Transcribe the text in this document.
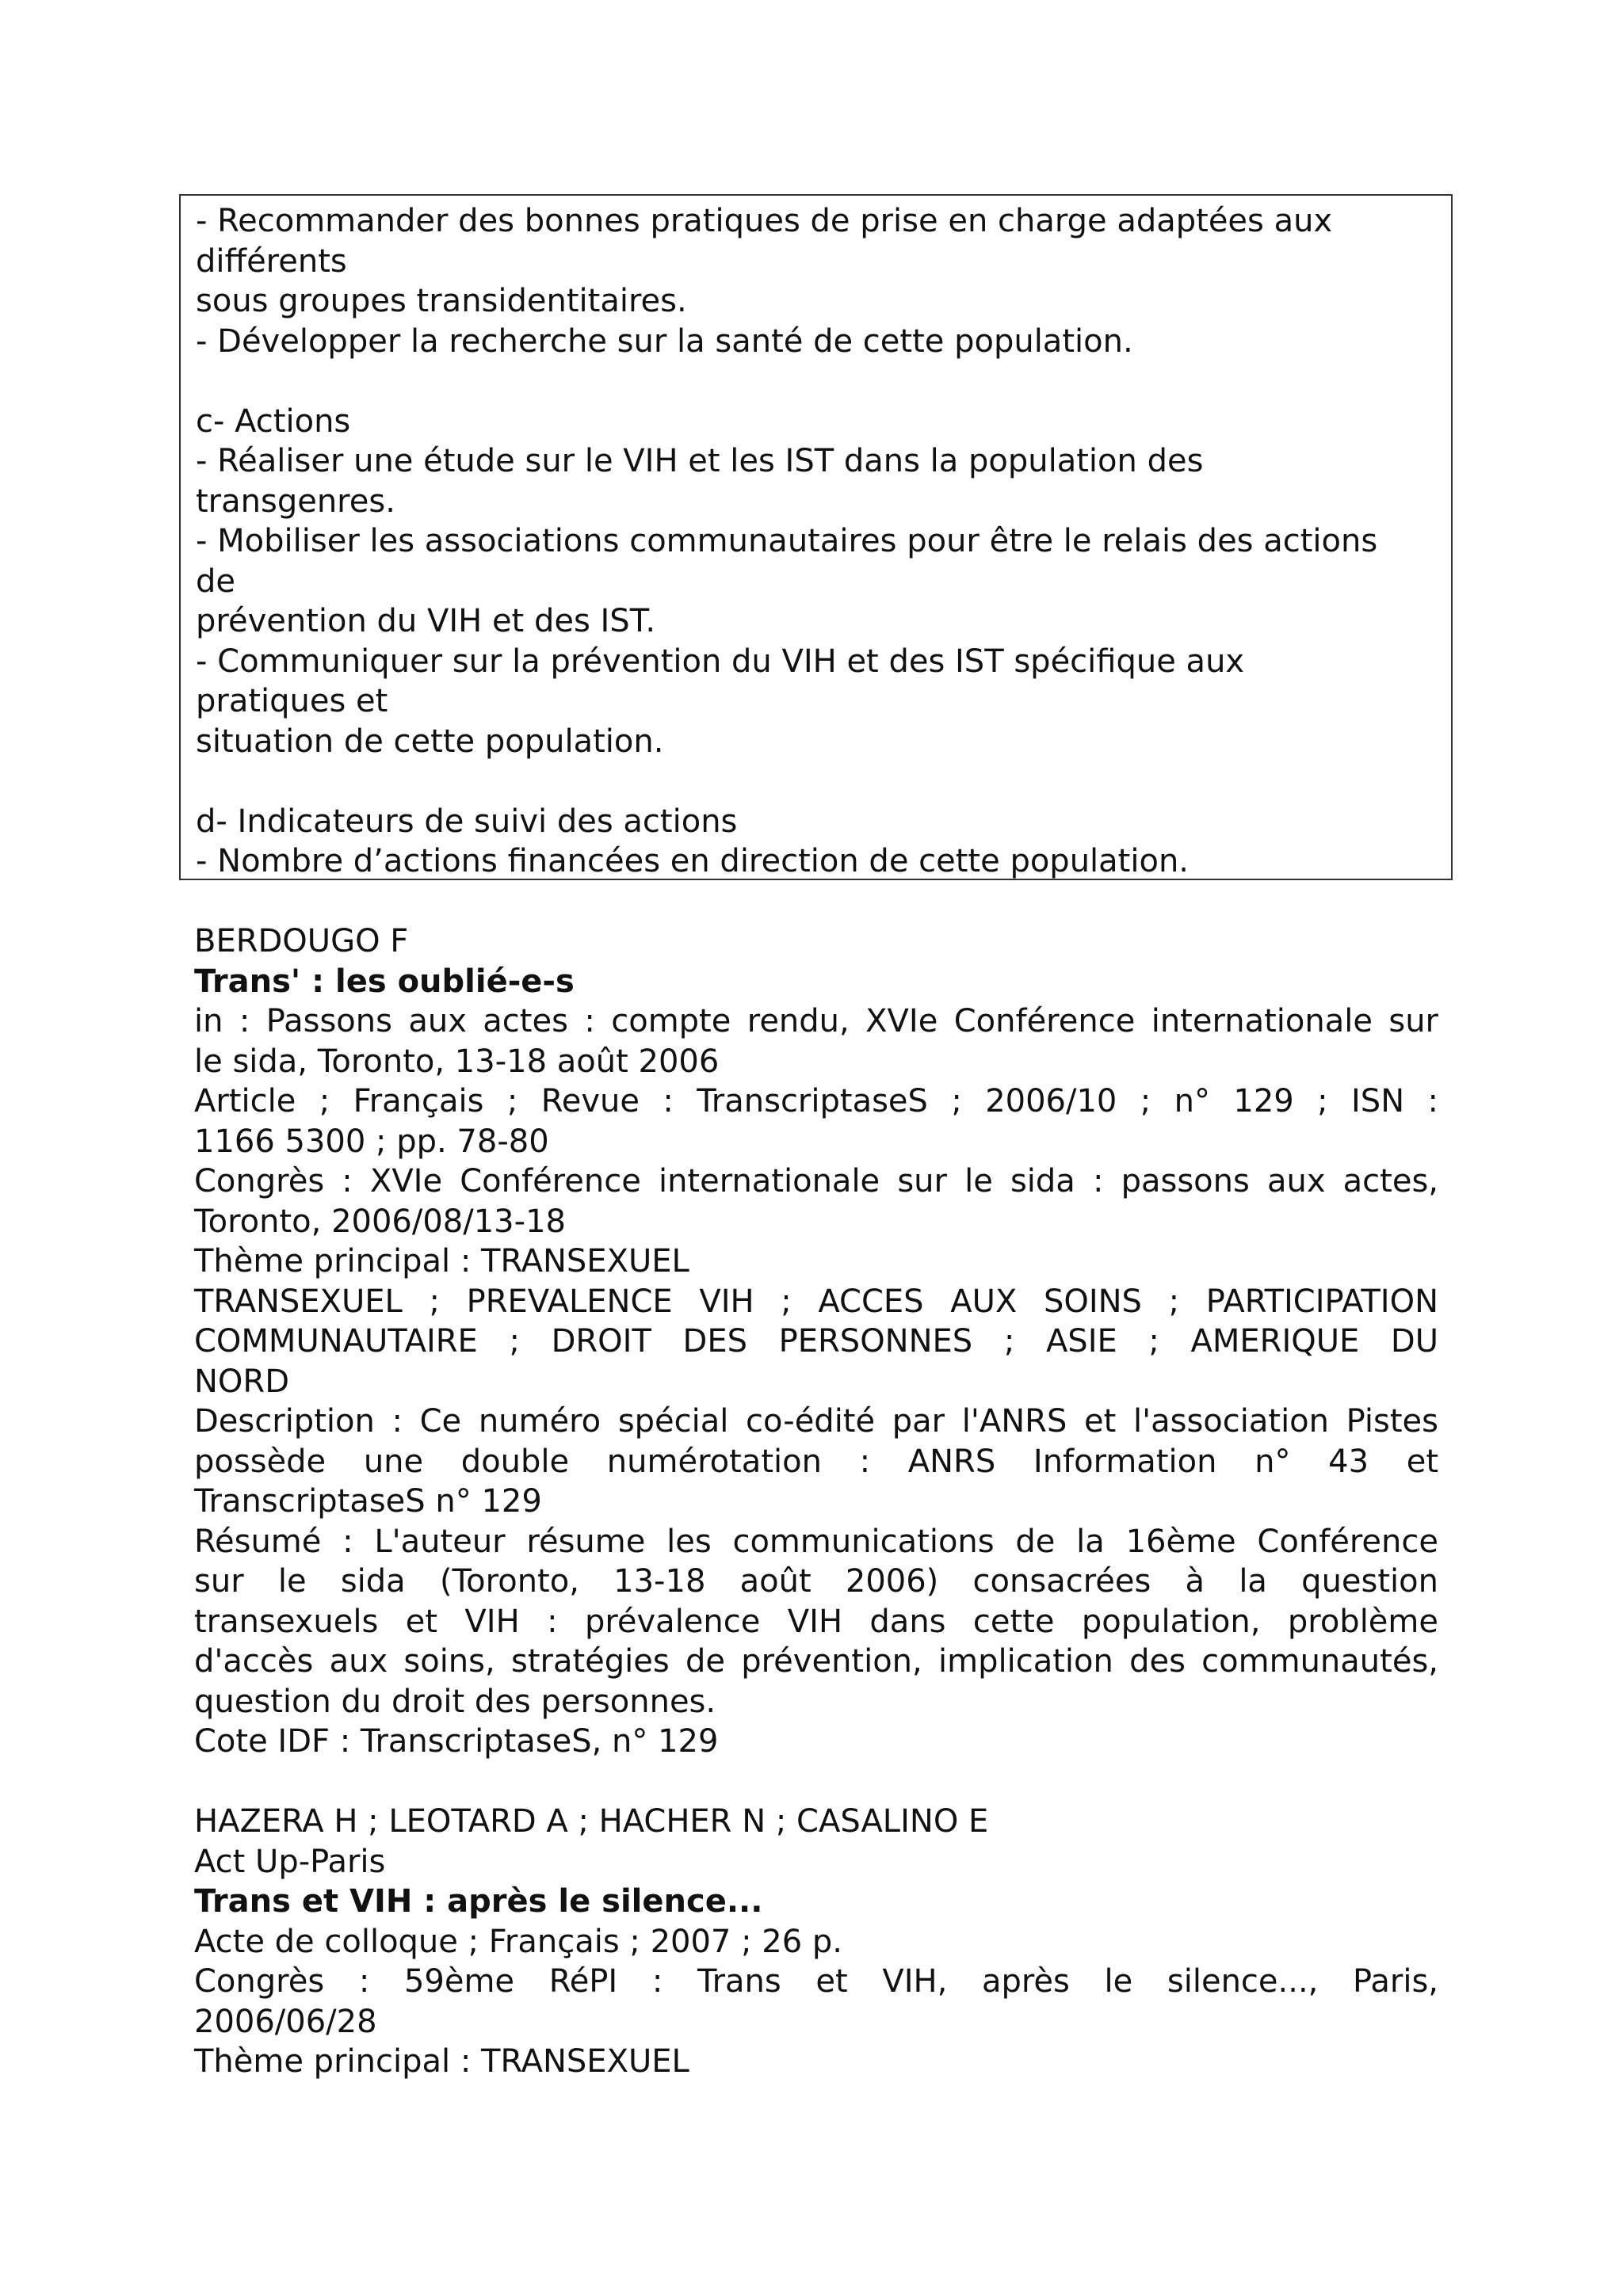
- Recommander des bonnes pratiques de prise en charge adaptées aux

différents

sous groupes transidentitaires.

- Développer la recherche sur la santé de cette population.

c- Actions

- Réaliser une étude sur le VIH et les IST dans la population des

transgenres.

- Mobiliser les associations communautaires pour être le relais des actions

de

prévention du VIH et des IST.

- Communiquer sur la prévention du VIH et des IST spécifique aux

pratiques et

situation de cette population.

d- Indicateurs de suivi des actions

- Nombre d’actions financées en direction de cette population.

BERDOUGO F

Trans' : les oublié-e-s

in : Passons aux actes : compte rendu, XVIe Conférence internationale sur

le sida, Toronto, 13-18 août 2006

Article ; Français ; Revue : TranscriptaseS ; 2006/10 ; n° 129 ; ISN :

1166 5300 ; pp. 78-80

Congrès : XVIe Conférence internationale sur le sida : passons aux actes,

Toronto, 2006/08/13-18

Thème principal : TRANSEXUEL

TRANSEXUEL ; PREVALENCE VIH ; ACCES AUX SOINS ; PARTICIPATION

COMMUNAUTAIRE ; DROIT DES PERSONNES ; ASIE ; AMERIQUE DU

NORD

Description : Ce numéro spécial co-édité par l'ANRS et l'association Pistes

possède une double numérotation : ANRS Information n° 43 et

TranscriptaseS n° 129

Résumé : L'auteur résume les communications de la 16ème Conférence

sur le sida (Toronto, 13-18 août 2006) consacrées à la question

transexuels et VIH : prévalence VIH dans cette population, problème

d'accès aux soins, stratégies de prévention, implication des communautés,

question du droit des personnes.

Cote IDF : TranscriptaseS, n° 129

HAZERA H ; LEOTARD A ; HACHER N ; CASALINO E

Act Up-Paris

Trans et VIH : après le silence...

Acte de colloque ; Français ; 2007 ; 26 p.

Congrès : 59ème RéPI : Trans et VIH, après le silence..., Paris,

2006/06/28

Thème principal : TRANSEXUEL
